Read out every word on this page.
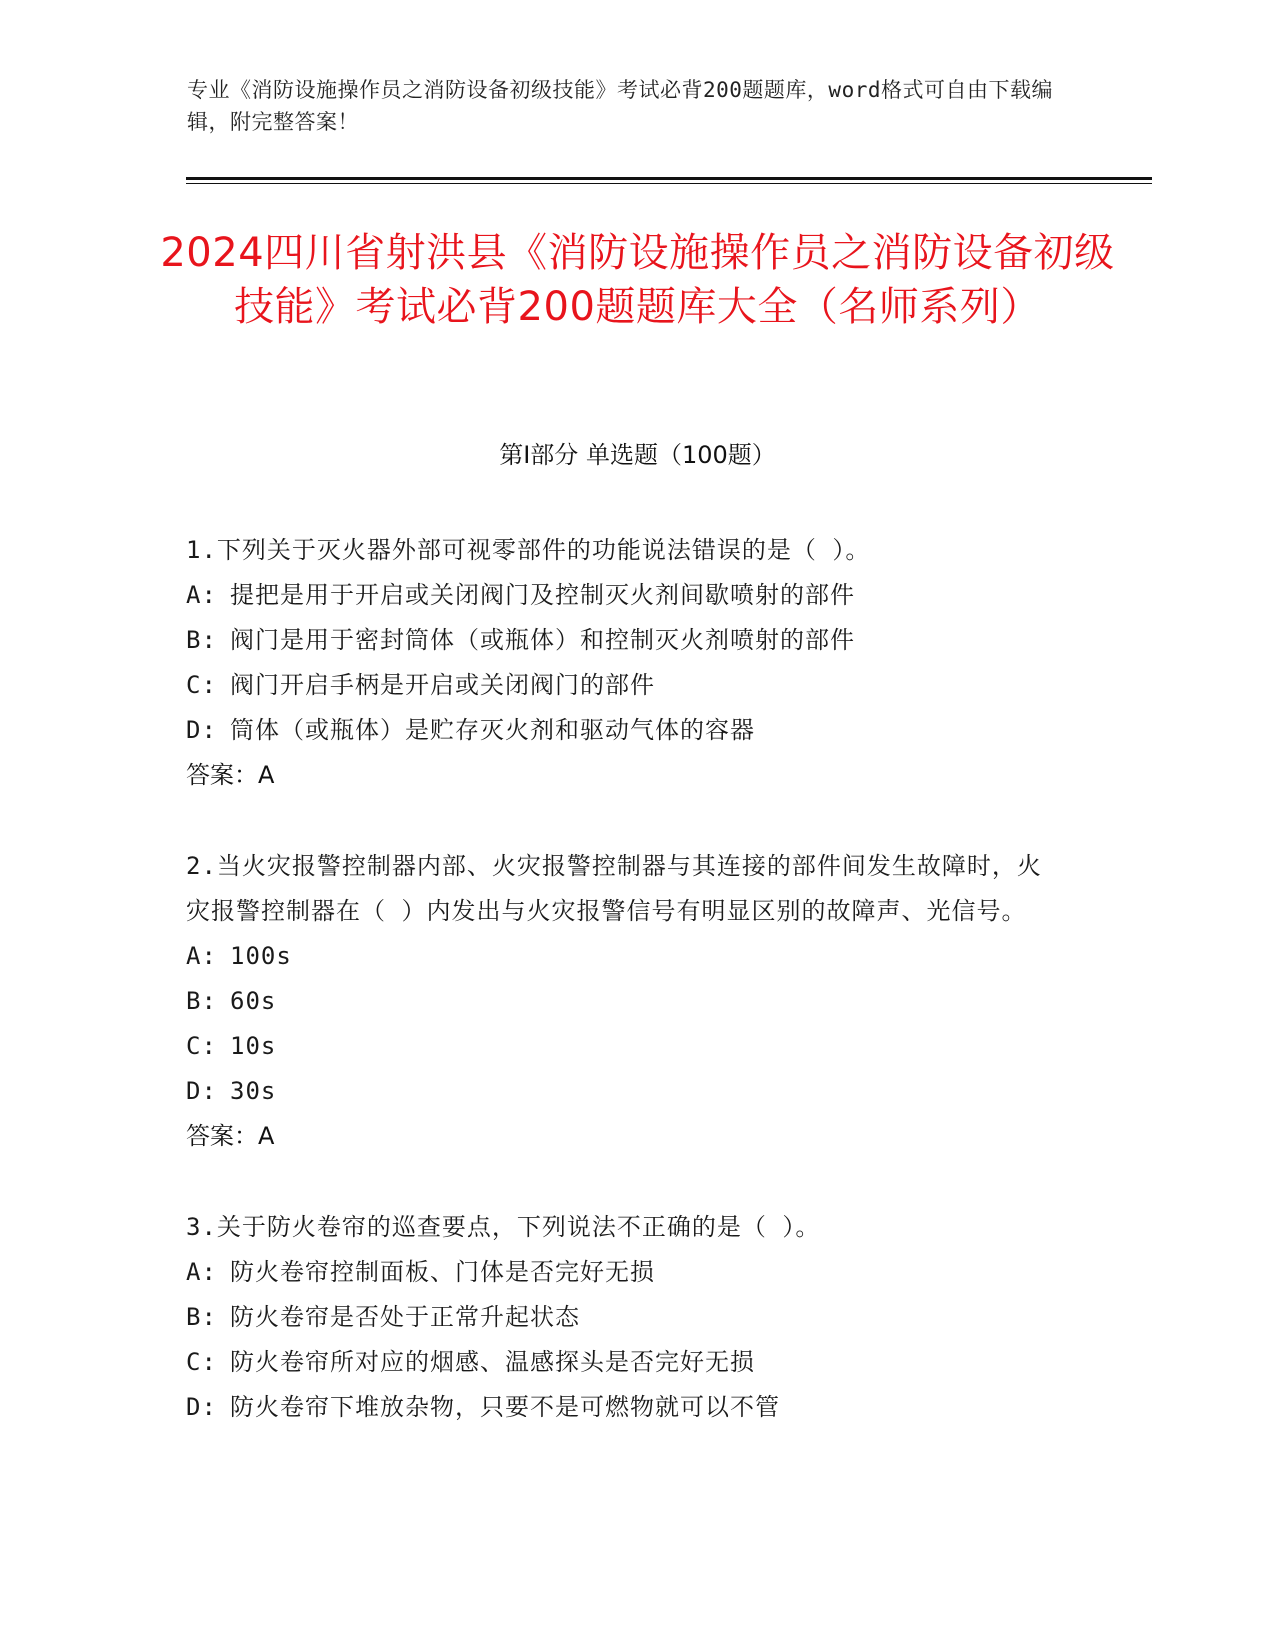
专业《消防设施操作员之消防设备初级技能》考试必背200题题库，word格式可自由下载编辑，附完整答案！
2024四川省射洪县《消防设施操作员之消防设备初级技能》考试必背200题题库大全（名师系列）
第Ⅰ部分 单选题（100题）
1.下列关于灭火器外部可视零部件的功能说法错误的是（ ）。
A: 提把是用于开启或关闭阀门及控制灭火剂间歇喷射的部件
B: 阀门是用于密封筒体（或瓶体）和控制灭火剂喷射的部件
C: 阀门开启手柄是开启或关闭阀门的部件
D: 筒体（或瓶体）是贮存灭火剂和驱动气体的容器
答案：A
2.当火灾报警控制器内部、火灾报警控制器与其连接的部件间发生故障时，火灾报警控制器在（ ）内发出与火灾报警信号有明显区别的故障声、光信号。
A: 100s
B: 60s
C: 10s
D: 30s
答案：A
3.关于防火卷帘的巡查要点，下列说法不正确的是（ ）。
A: 防火卷帘控制面板、门体是否完好无损
B: 防火卷帘是否处于正常升起状态
C: 防火卷帘所对应的烟感、温感探头是否完好无损
D: 防火卷帘下堆放杂物，只要不是可燃物就可以不管
